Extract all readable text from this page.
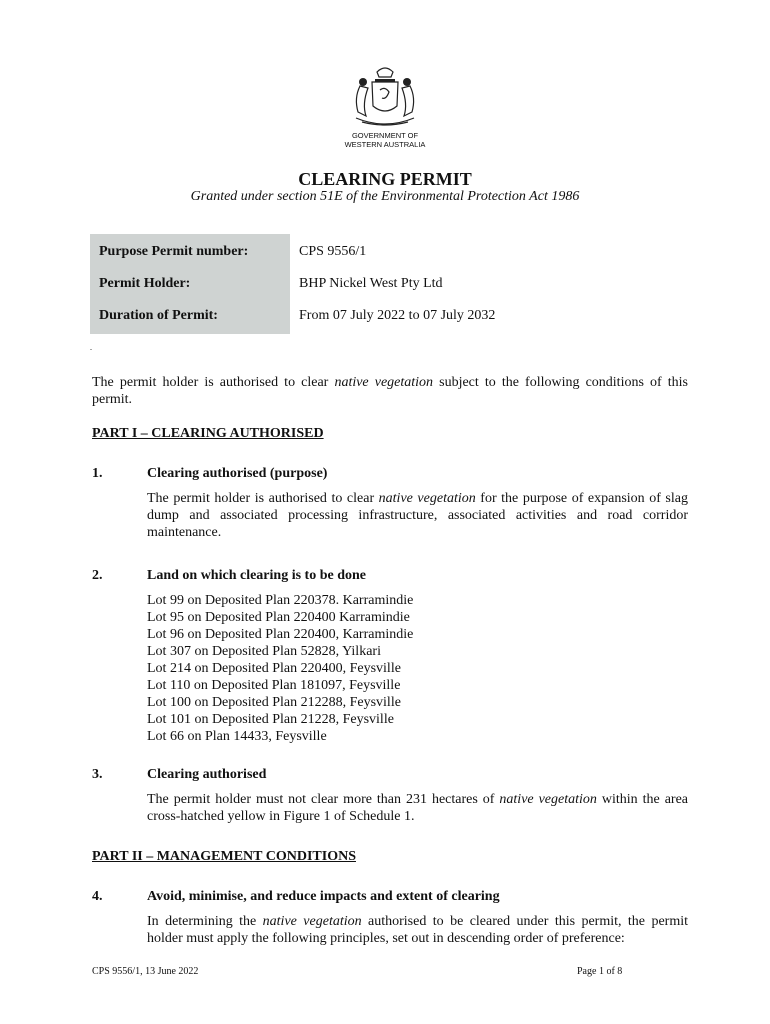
GOVERNMENT OF
WESTERN AUSTRALIA
CLEARING PERMIT
Granted under section 51E of the Environmental Protection Act 1986
Purpose Permit number:	CPS 9556/1
Permit Holder:	BHP Nickel West Pty Ltd
Duration of Permit:	From 07 July 2022 to 07 July 2032
.
The permit holder is authorised to clear native vegetation subject to the following conditions of this permit.
PART I – CLEARING AUTHORISED
1.	Clearing authorised (purpose)
The permit holder is authorised to clear native vegetation for the purpose of expansion of slag dump and associated processing infrastructure, associated activities and road corridor maintenance.
2.	Land on which clearing is to be done
Lot 99 on Deposited Plan 220378. Karramindie
Lot 95 on Deposited Plan 220400 Karramindie
Lot 96 on Deposited Plan 220400, Karramindie
Lot 307 on Deposited Plan 52828, Yilkari
Lot 214 on Deposited Plan 220400, Feysville
Lot 110 on Deposited Plan 181097, Feysville
Lot 100 on Deposited Plan 212288, Feysville
Lot 101 on Deposited Plan 21228, Feysville
Lot 66 on Plan 14433, Feysville
3.	Clearing authorised
The permit holder must not clear more than 231 hectares of native vegetation within the area cross-hatched yellow in Figure 1 of Schedule 1.
PART II – MANAGEMENT CONDITIONS
4.	Avoid, minimise, and reduce impacts and extent of clearing
In determining the native vegetation authorised to be cleared under this permit, the permit holder must apply the following principles, set out in descending order of preference:
CPS 9556/1, 13 June 2022	Page 1 of 8
